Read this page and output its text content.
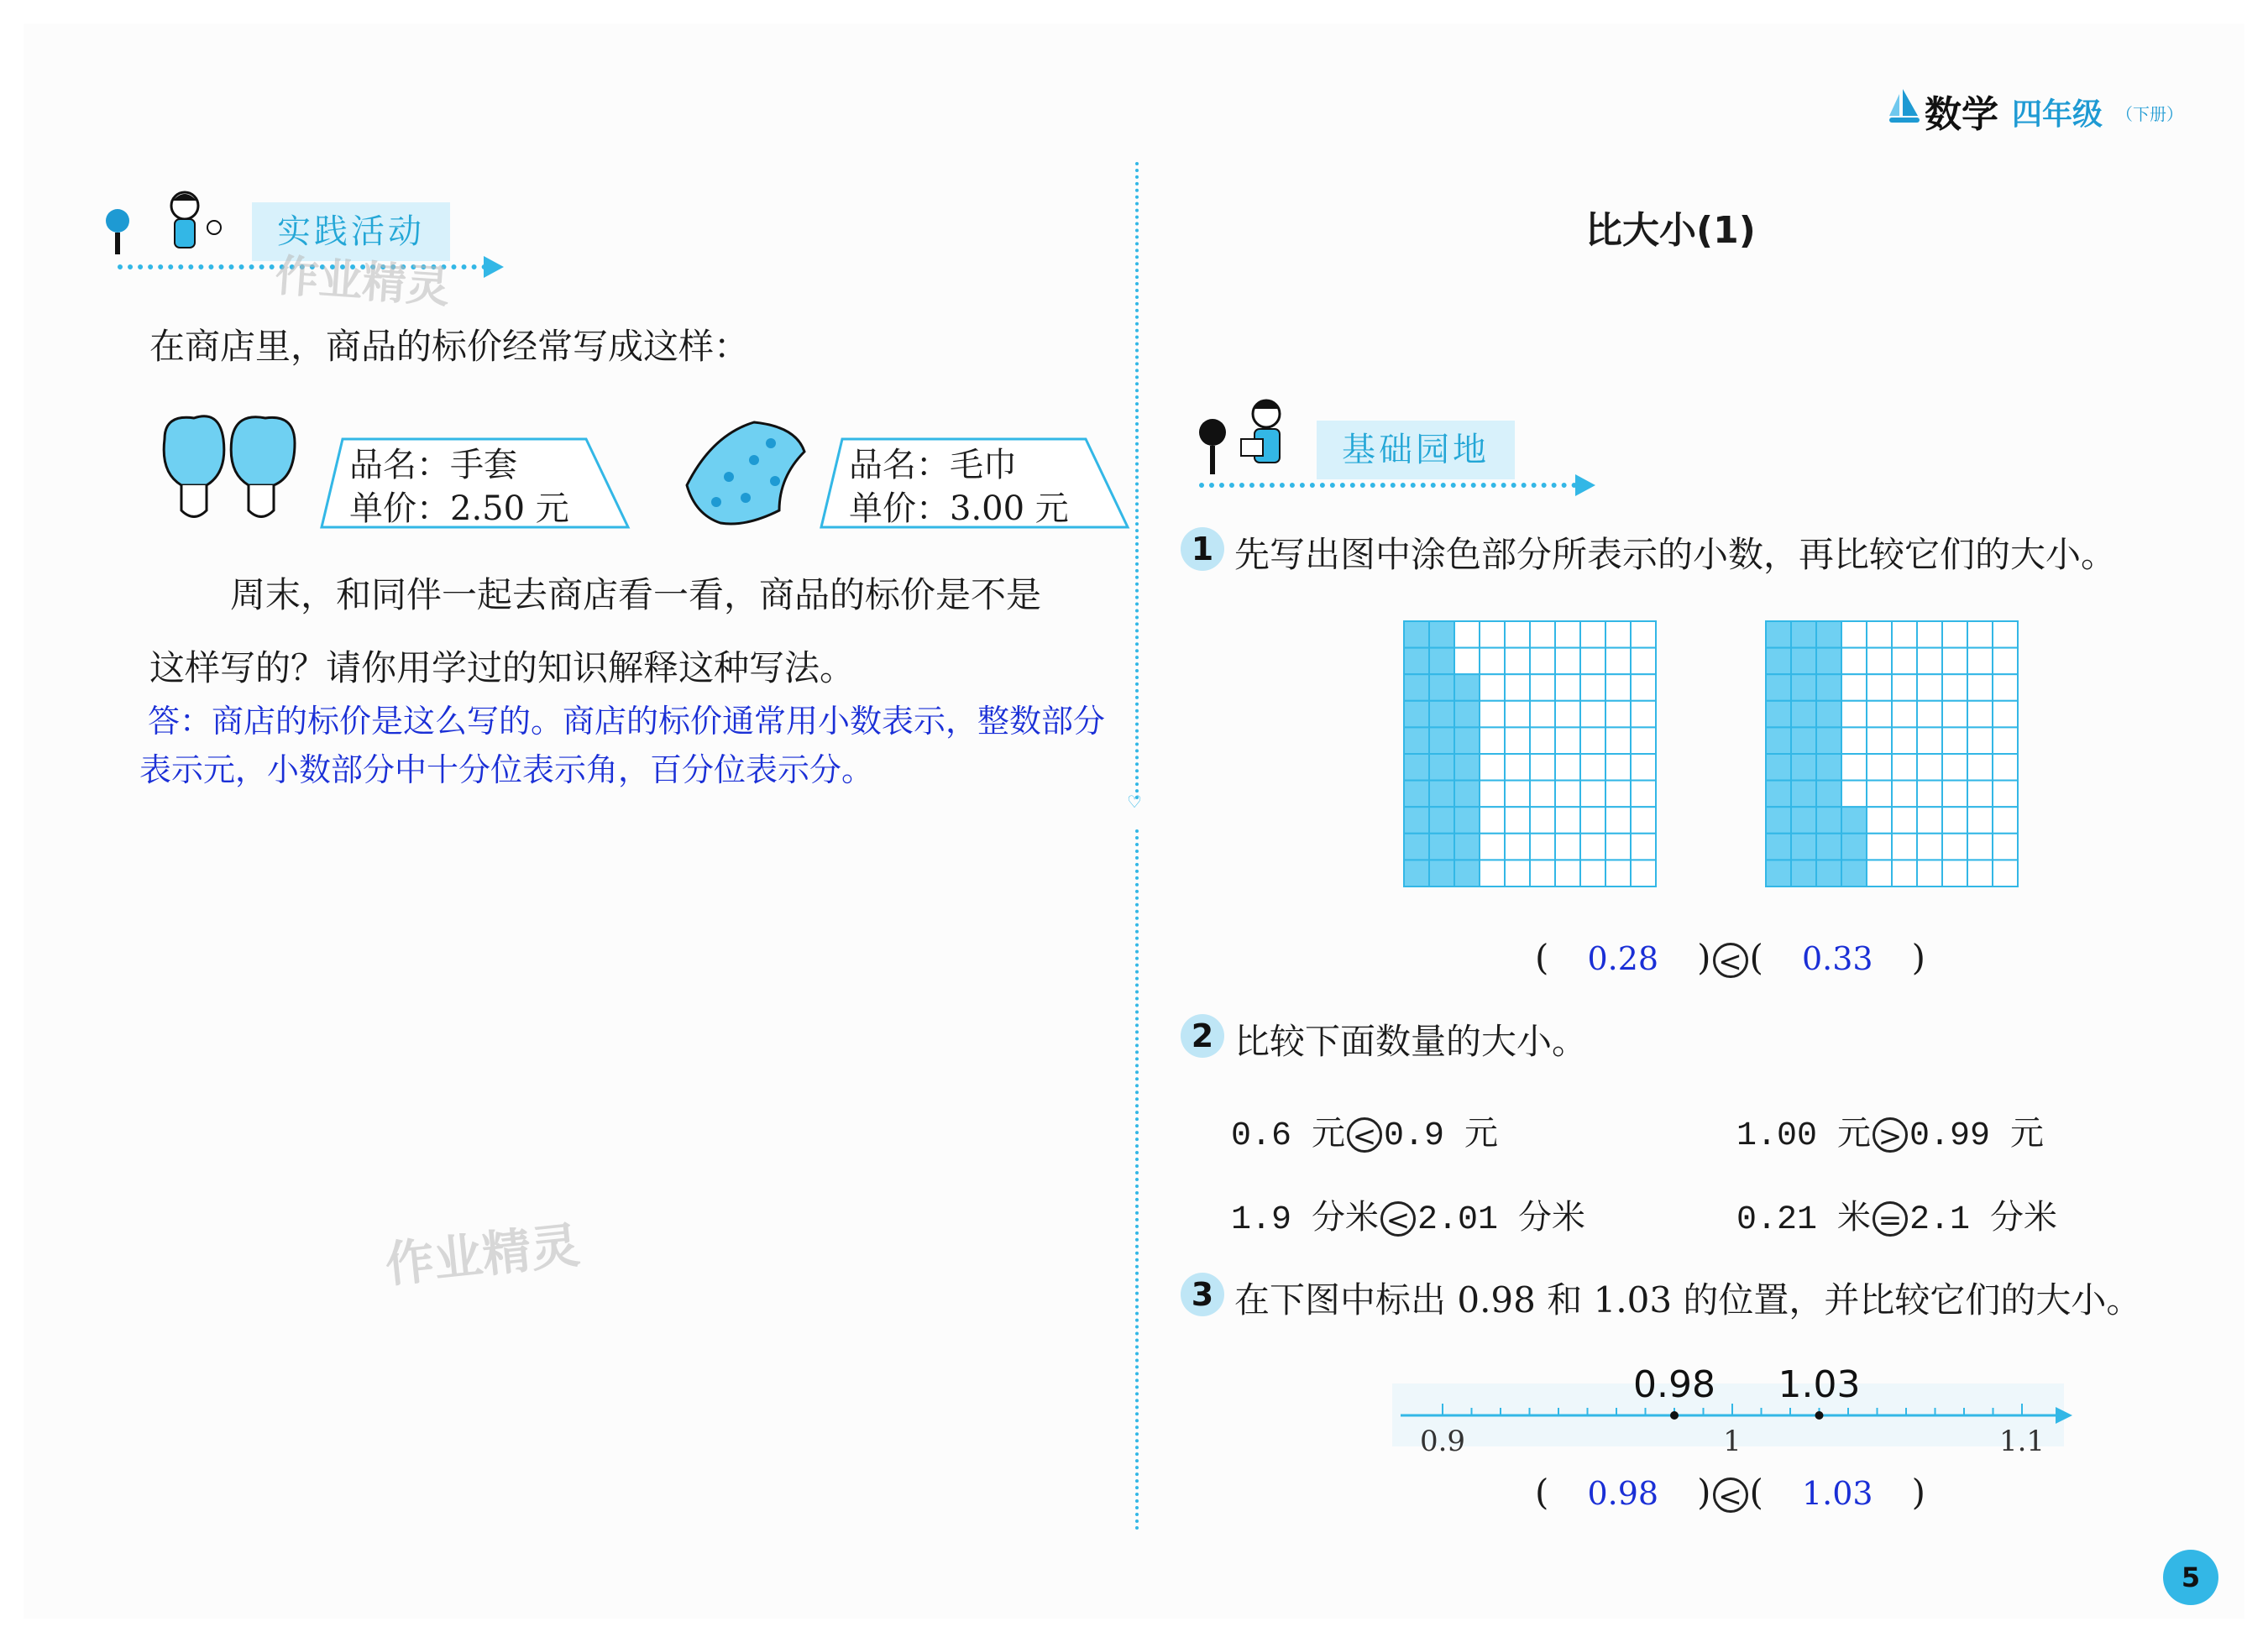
数学 四年级 （下册）
♡
实践活动
作业精灵
在商店里，商品的标价经常写成这样：
品名：手套
单价：2.50 元
品名：毛巾
单价：3.00 元
周末，和同伴一起去商店看一看，商品的标价是不是
这样写的？请你用学过的知识解释这种写法。
答：商店的标价是这么写的。商店的标价通常用小数表示，整数部分
表示元，小数部分中十分位表示角，百分位表示分。
作业精灵
比大小(1)
基础园地
1 先写出图中涂色部分所表示的小数，再比较它们的大小。
( 0.28 ) < ( 0.33 )
2 比较下面数量的大小。
0.6 元 < 0.9 元	1.00 元 > 0.99 元
1.9 分米 < 2.01 分米	0.21 米 = 2.1 分米
3 在下图中标出 0.98 和 1.03 的位置，并比较它们的大小。
0.9	1	1.1
0.98 1.03
( 0.98 ) < ( 1.03 )
5
